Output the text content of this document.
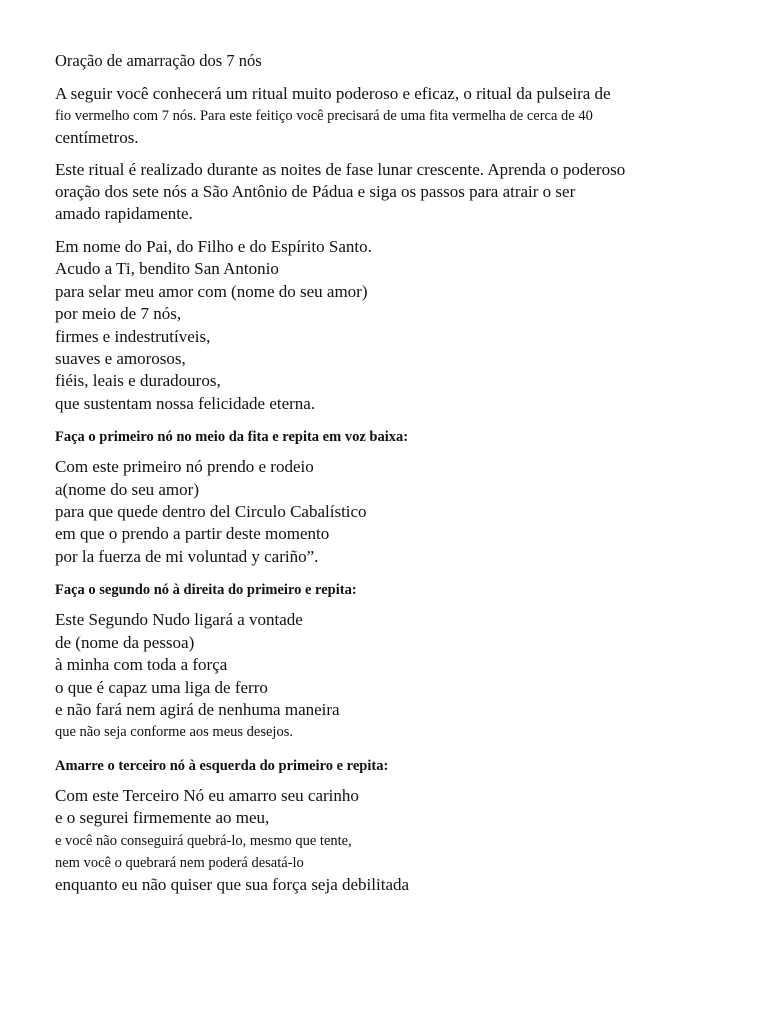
Oração de amarração dos 7 nós
A seguir você conhecerá um ritual muito poderoso e eficaz, o ritual da pulseira de
fio vermelho com 7 nós. Para este feitiço você precisará de uma fita vermelha de cerca de 40
centímetros.
Este ritual é realizado durante as noites de fase lunar crescente. Aprenda o poderoso
oração dos sete nós a São Antônio de Pádua e siga os passos para atrair o ser
amado rapidamente.
Em nome do Pai, do Filho e do Espírito Santo.
Acudo a Ti, bendito San Antonio
para selar meu amor com (nome do seu amor)
por meio de 7 nós,
firmes e indestrutíveis,
suaves e amorosos,
fiéis, leais e duradouros,
que sustentam nossa felicidade eterna.
Faça o primeiro nó no meio da fita e repita em voz baixa:
Com este primeiro nó prendo e rodeio
a(nome do seu amor)
para que quede dentro del Circulo Cabalístico
em que o prendo a partir deste momento
por la fuerza de mi voluntad y cariño”.
Faça o segundo nó à direita do primeiro e repita:
Este Segundo Nudo ligará a vontade
de (nome da pessoa)
à minha com toda a força
o que é capaz uma liga de ferro
e não fará nem agirá de nenhuma maneira
que não seja conforme aos meus desejos.
Amarre o terceiro nó à esquerda do primeiro e repita:
Com este Terceiro Nó eu amarro seu carinho
e o segurei firmemente ao meu,
e você não conseguirá quebrá-lo, mesmo que tente,
nem você o quebrará nem poderá desatá-lo
enquanto eu não quiser que sua força seja debilitada
